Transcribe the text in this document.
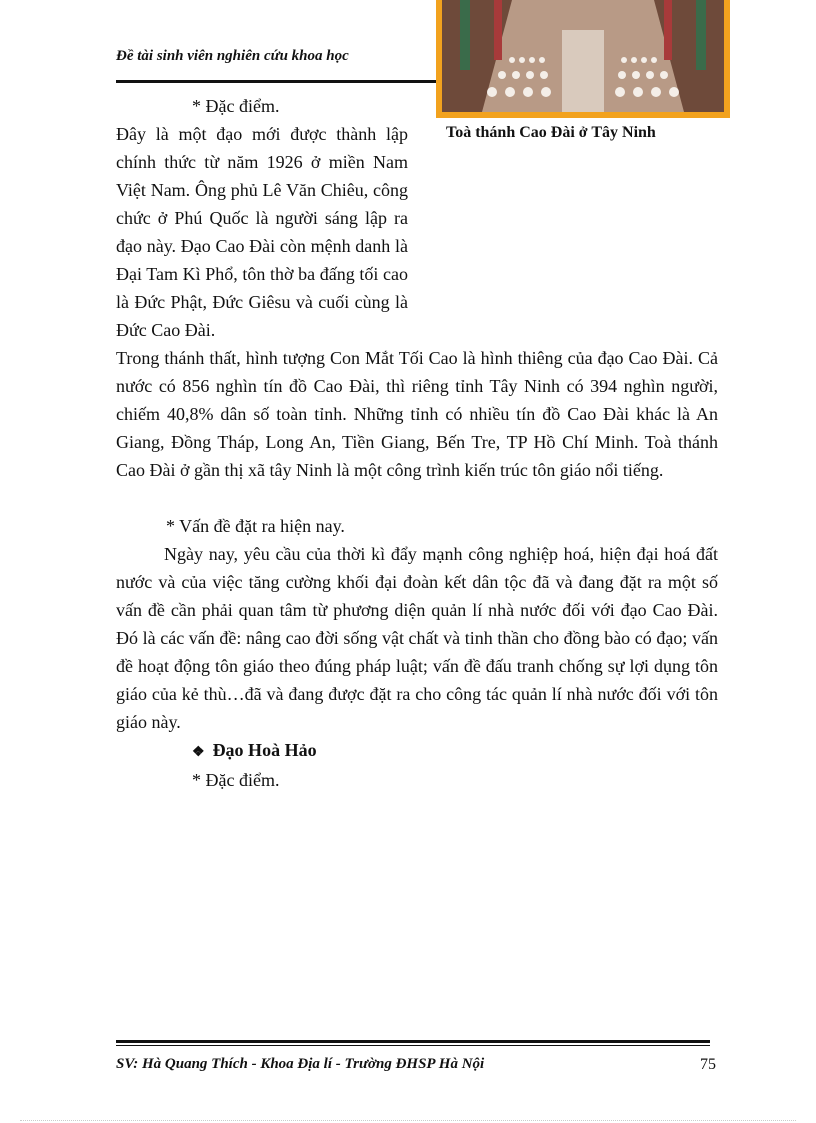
Đề tài sinh viên nghiên cứu khoa học
Toà thánh Cao Đài ở Tây Ninh

* Đặc điểm.

Đây là một đạo mới được thành lập chính thức từ năm 1926 ở miền Nam Việt Nam. Ông phủ Lê Văn Chiêu, công chức ở Phú Quốc là người sáng lập ra đạo này. Đạo Cao Đài còn mệnh danh là Đại Tam Kì Phổ, tôn thờ ba đấng tối cao là Đức Phật, Đức Giêsu và cuối cùng là Đức Cao Đài.

Trong thánh thất, hình tượng Con Mắt Tối Cao là hình thiêng của đạo Cao Đài. Cả nước có 856 nghìn tín đồ Cao Đài, thì riêng tỉnh Tây Ninh có 394 nghìn người, chiếm 40,8% dân số toàn tỉnh. Những tỉnh có nhiều tín đồ Cao Đài khác là An Giang, Đồng Tháp, Long An, Tiền Giang, Bến Tre, TP Hồ Chí Minh. Toà thánh Cao Đài ở gần thị xã tây Ninh là một công trình kiến trúc tôn giáo nổi tiếng.

* Vấn đề đặt ra hiện nay.

Ngày nay, yêu cầu của thời kì đẩy mạnh công nghiệp hoá, hiện đại hoá đất nước và của việc tăng cường khối đại đoàn kết dân tộc đã và đang đặt ra một số vấn đề cần phải quan tâm từ phương diện quản lí nhà nước đối với đạo Cao Đài. Đó là các vấn đề: nâng cao đời sống vật chất và tinh thần cho đồng bào có đạo; vấn đề hoạt động tôn giáo theo đúng pháp luật; vấn đề đấu tranh chống sự lợi dụng tôn giáo của kẻ thù…đã và đang được đặt ra cho công tác quản lí nhà nước đối với tôn giáo này.

❖ Đạo Hoà Hảo

* Đặc điểm.

SV: Hà Quang Thích - Khoa Địa lí - Trường ĐHSP Hà Nội	75
